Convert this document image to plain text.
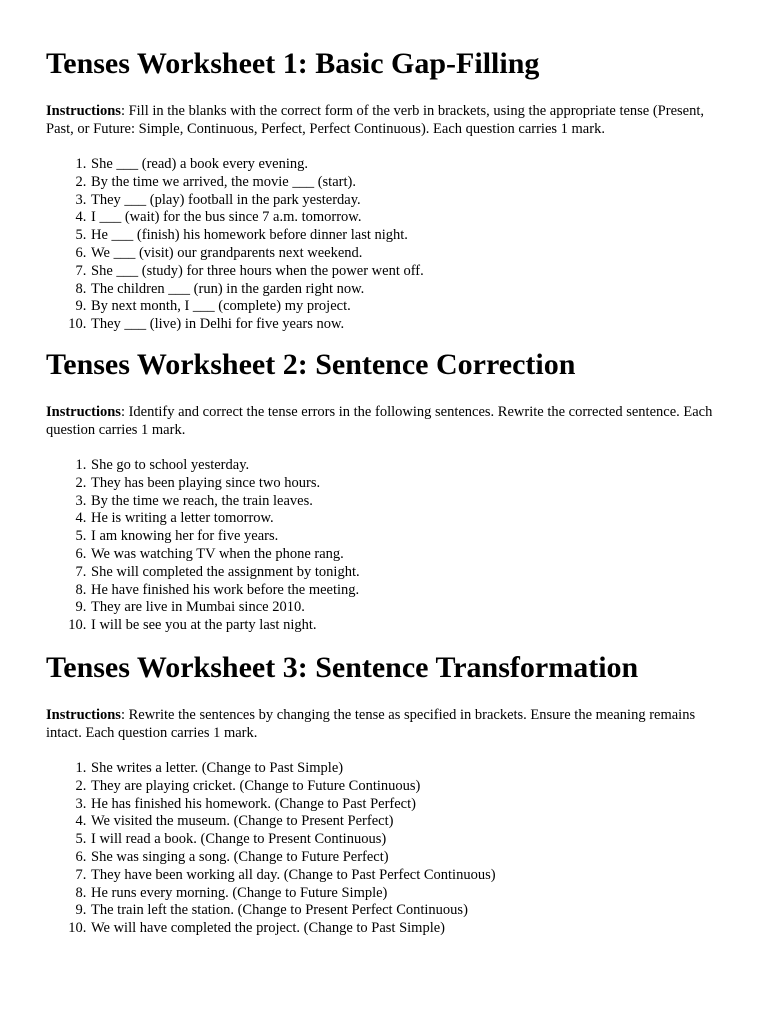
Tenses Worksheet 1: Basic Gap-Filling

Instructions: Fill in the blanks with the correct form of the verb in brackets, using the appropriate tense (Present, Past, or Future: Simple, Continuous, Perfect, Perfect Continuous). Each question carries 1 mark.

1. She ___ (read) a book every evening.
2. By the time we arrived, the movie ___ (start).
3. They ___ (play) football in the park yesterday.
4. I ___ (wait) for the bus since 7 a.m. tomorrow.
5. He ___ (finish) his homework before dinner last night.
6. We ___ (visit) our grandparents next weekend.
7. She ___ (study) for three hours when the power went off.
8. The children ___ (run) in the garden right now.
9. By next month, I ___ (complete) my project.
10. They ___ (live) in Delhi for five years now.
Tenses Worksheet 2: Sentence Correction

Instructions: Identify and correct the tense errors in the following sentences. Rewrite the corrected sentence. Each question carries 1 mark.

1. She go to school yesterday.
2. They has been playing since two hours.
3. By the time we reach, the train leaves.
4. He is writing a letter tomorrow.
5. I am knowing her for five years.
6. We was watching TV when the phone rang.
7. She will completed the assignment by tonight.
8. He have finished his work before the meeting.
9. They are live in Mumbai since 2010.
10. I will be see you at the party last night.
Tenses Worksheet 3: Sentence Transformation

Instructions: Rewrite the sentences by changing the tense as specified in brackets. Ensure the meaning remains intact. Each question carries 1 mark.

1. She writes a letter. (Change to Past Simple)
2. They are playing cricket. (Change to Future Continuous)
3. He has finished his homework. (Change to Past Perfect)
4. We visited the museum. (Change to Present Perfect)
5. I will read a book. (Change to Present Continuous)
6. She was singing a song. (Change to Future Perfect)
7. They have been working all day. (Change to Past Perfect Continuous)
8. He runs every morning. (Change to Future Simple)
9. The train left the station. (Change to Present Perfect Continuous)
10. We will have completed the project. (Change to Past Simple)
